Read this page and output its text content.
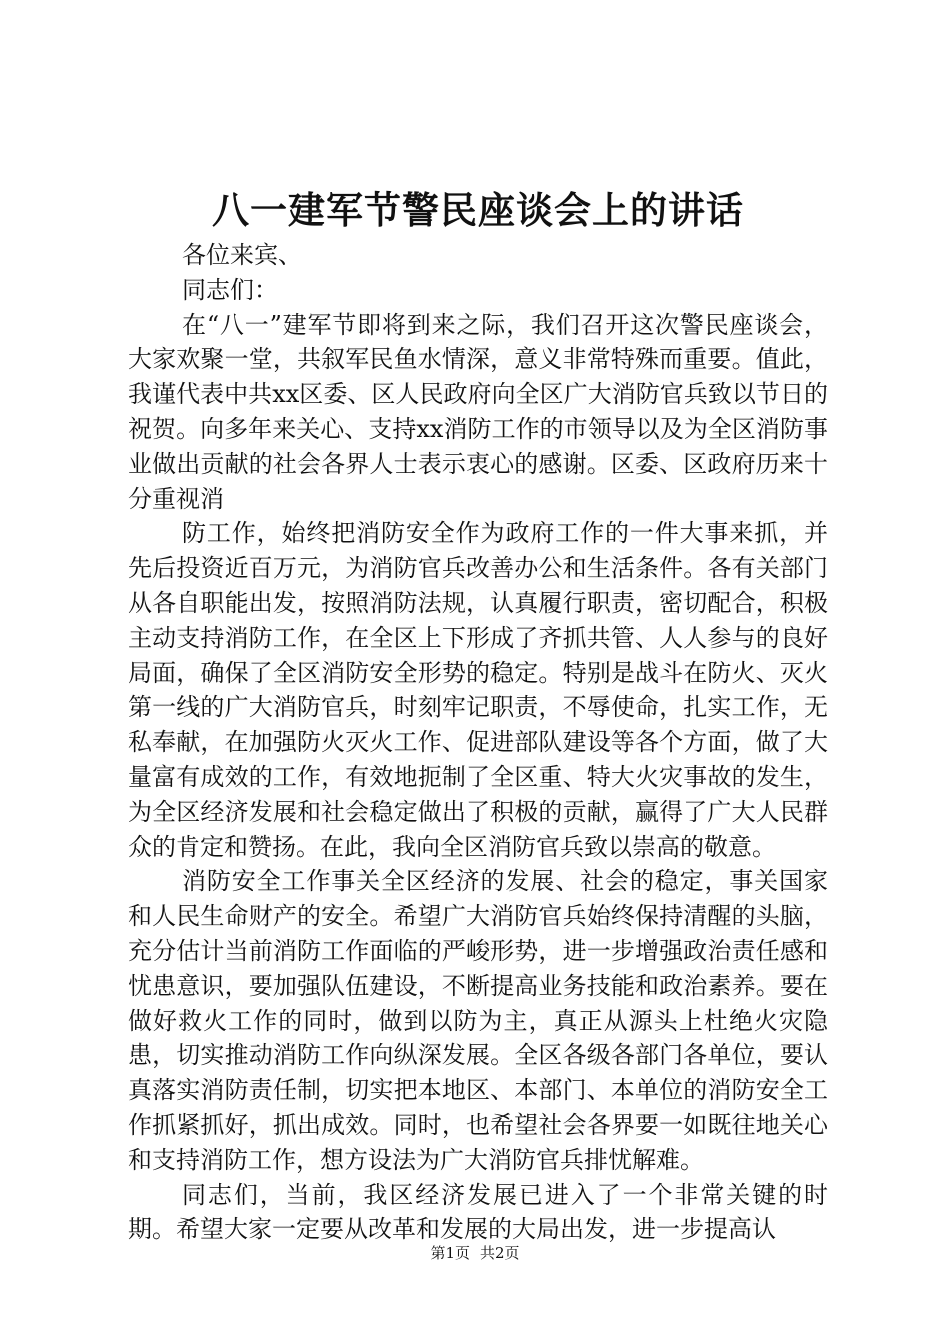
八一建军节警民座谈会上的讲话

各位来宾、

同志们：

在“八一”建军节即将到来之际，我们召开这次警民座谈会，大家欢聚一堂，共叙军民鱼水情深，意义非常特殊而重要。值此，我谨代表中共xx区委、区人民政府向全区广大消防官兵致以节日的祝贺。向多年来关心、支持xx消防工作的市领导以及为全区消防事业做出贡献的社会各界人士表示衷心的感谢。区委、区政府历来十分重视消

防工作，始终把消防安全作为政府工作的一件大事来抓，并先后投资近百万元，为消防官兵改善办公和生活条件。各有关部门从各自职能出发，按照消防法规，认真履行职责，密切配合，积极主动支持消防工作，在全区上下形成了齐抓共管、人人参与的良好局面，确保了全区消防安全形势的稳定。特别是战斗在防火、灭火第一线的广大消防官兵，时刻牢记职责，不辱使命，扎实工作，无私奉献，在加强防火灭火工作、促进部队建设等各个方面，做了大量富有成效的工作，有效地扼制了全区重、特大火灾事故的发生，为全区经济发展和社会稳定做出了积极的贡献，赢得了广大人民群众的肯定和赞扬。在此，我向全区消防官兵致以崇高的敬意。

消防安全工作事关全区经济的发展、社会的稳定，事关国家和人民生命财产的安全。希望广大消防官兵始终保持清醒的头脑，充分估计当前消防工作面临的严峻形势，进一步增强政治责任感和忧患意识，要加强队伍建设，不断提高业务技能和政治素养。要在做好救火工作的同时，做到以防为主，真正从源头上杜绝火灾隐患，切实推动消防工作向纵深发展。全区各级各部门各单位，要认真落实消防责任制，切实把本地区、本部门、本单位的消防安全工作抓紧抓好，抓出成效。同时，也希望社会各界要一如既往地关心和支持消防工作，想方设法为广大消防官兵排忧解难。

同志们，当前，我区经济发展已进入了一个非常关键的时期。希望大家一定要从改革和发展的大局出发，进一步提高认

第1页 共2页
